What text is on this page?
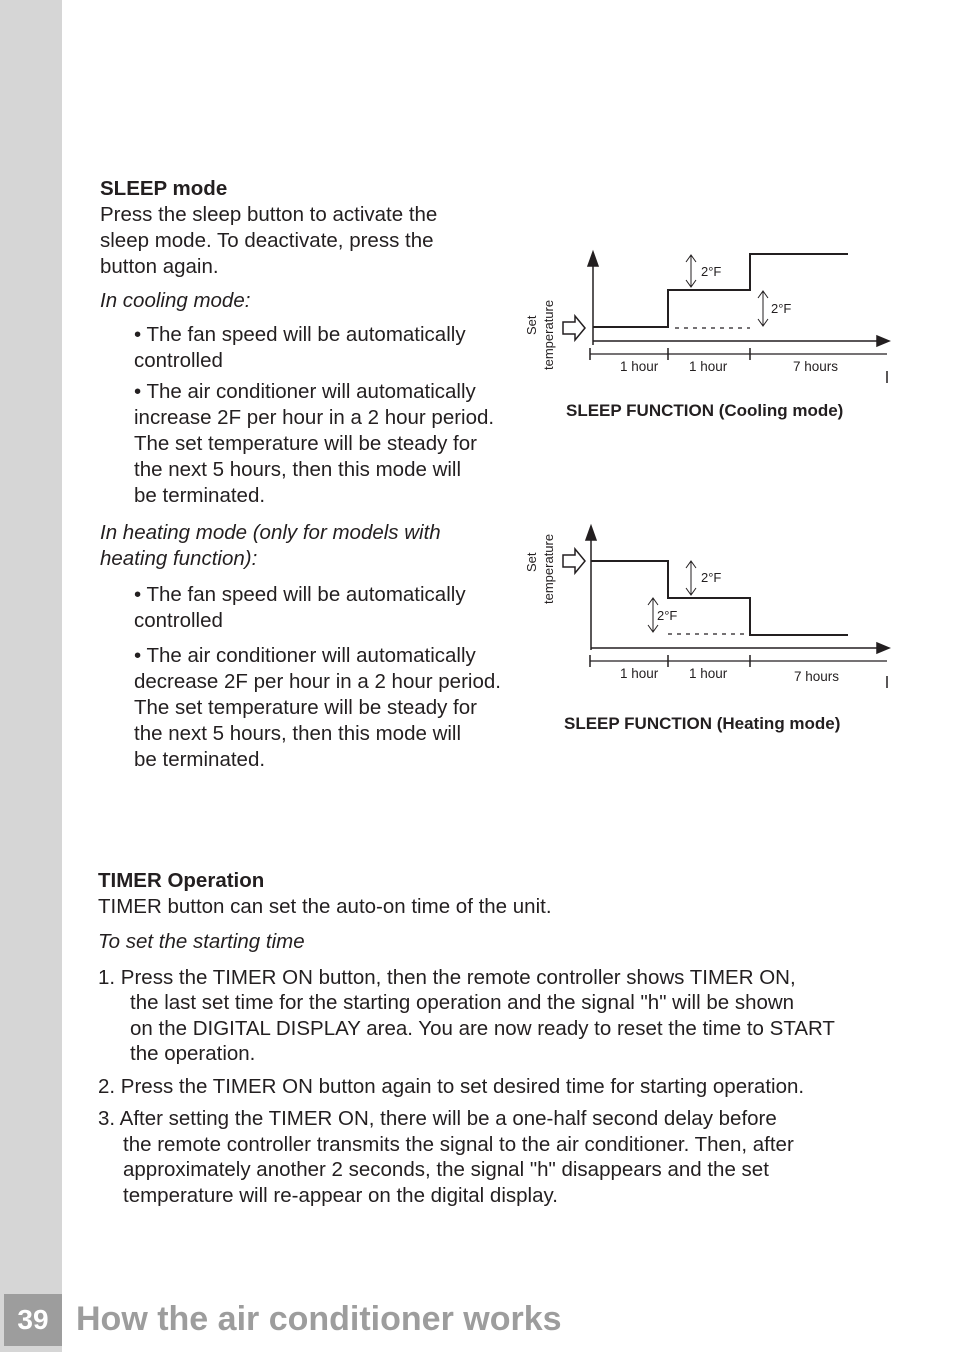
SLEEP mode

Press the sleep button to activate the

sleep mode. To deactivate, press the

button again.

In cooling mode:

• The fan speed will be automatically

controlled

• The air conditioner will automatically

increase 2F per hour in a 2 hour period.

The set temperature will be steady for

the next 5 hours, then this mode will

be terminated.

In heating mode (only for models with

heating function):

• The fan speed will be automatically

controlled

• The air conditioner will automatically

decrease 2F per hour in a 2 hour period.

The set temperature will be steady for

the next 5 hours, then this mode will

be terminated.

Set temperature
2°F
2°F
1 hour 1 hour	7 hours
SLEEP FUNCTION (Cooling mode)
Set temperature	2°F
2°F
1 hour 1 hour	7 hours
SLEEP FUNCTION (Heating mode)

TIMER Operation

TIMER button can set the auto-on time of the unit.

To set the starting time

1. Press the TIMER ON button, then the remote controller shows TIMER ON,

the last set time for the starting operation and the signal "h" will be shown

on the DIGITAL DISPLAY area. You are now ready to reset the time to START

the operation.

2. Press the TIMER ON button again to set desired time for starting operation.

3. After setting the TIMER ON, there will be a one-half second delay before

the remote controller transmits the signal to the air conditioner. Then, after

approximately another 2 seconds, the signal "h" disappears and the set

temperature will re-appear on the digital display.

39 How the air conditioner works
